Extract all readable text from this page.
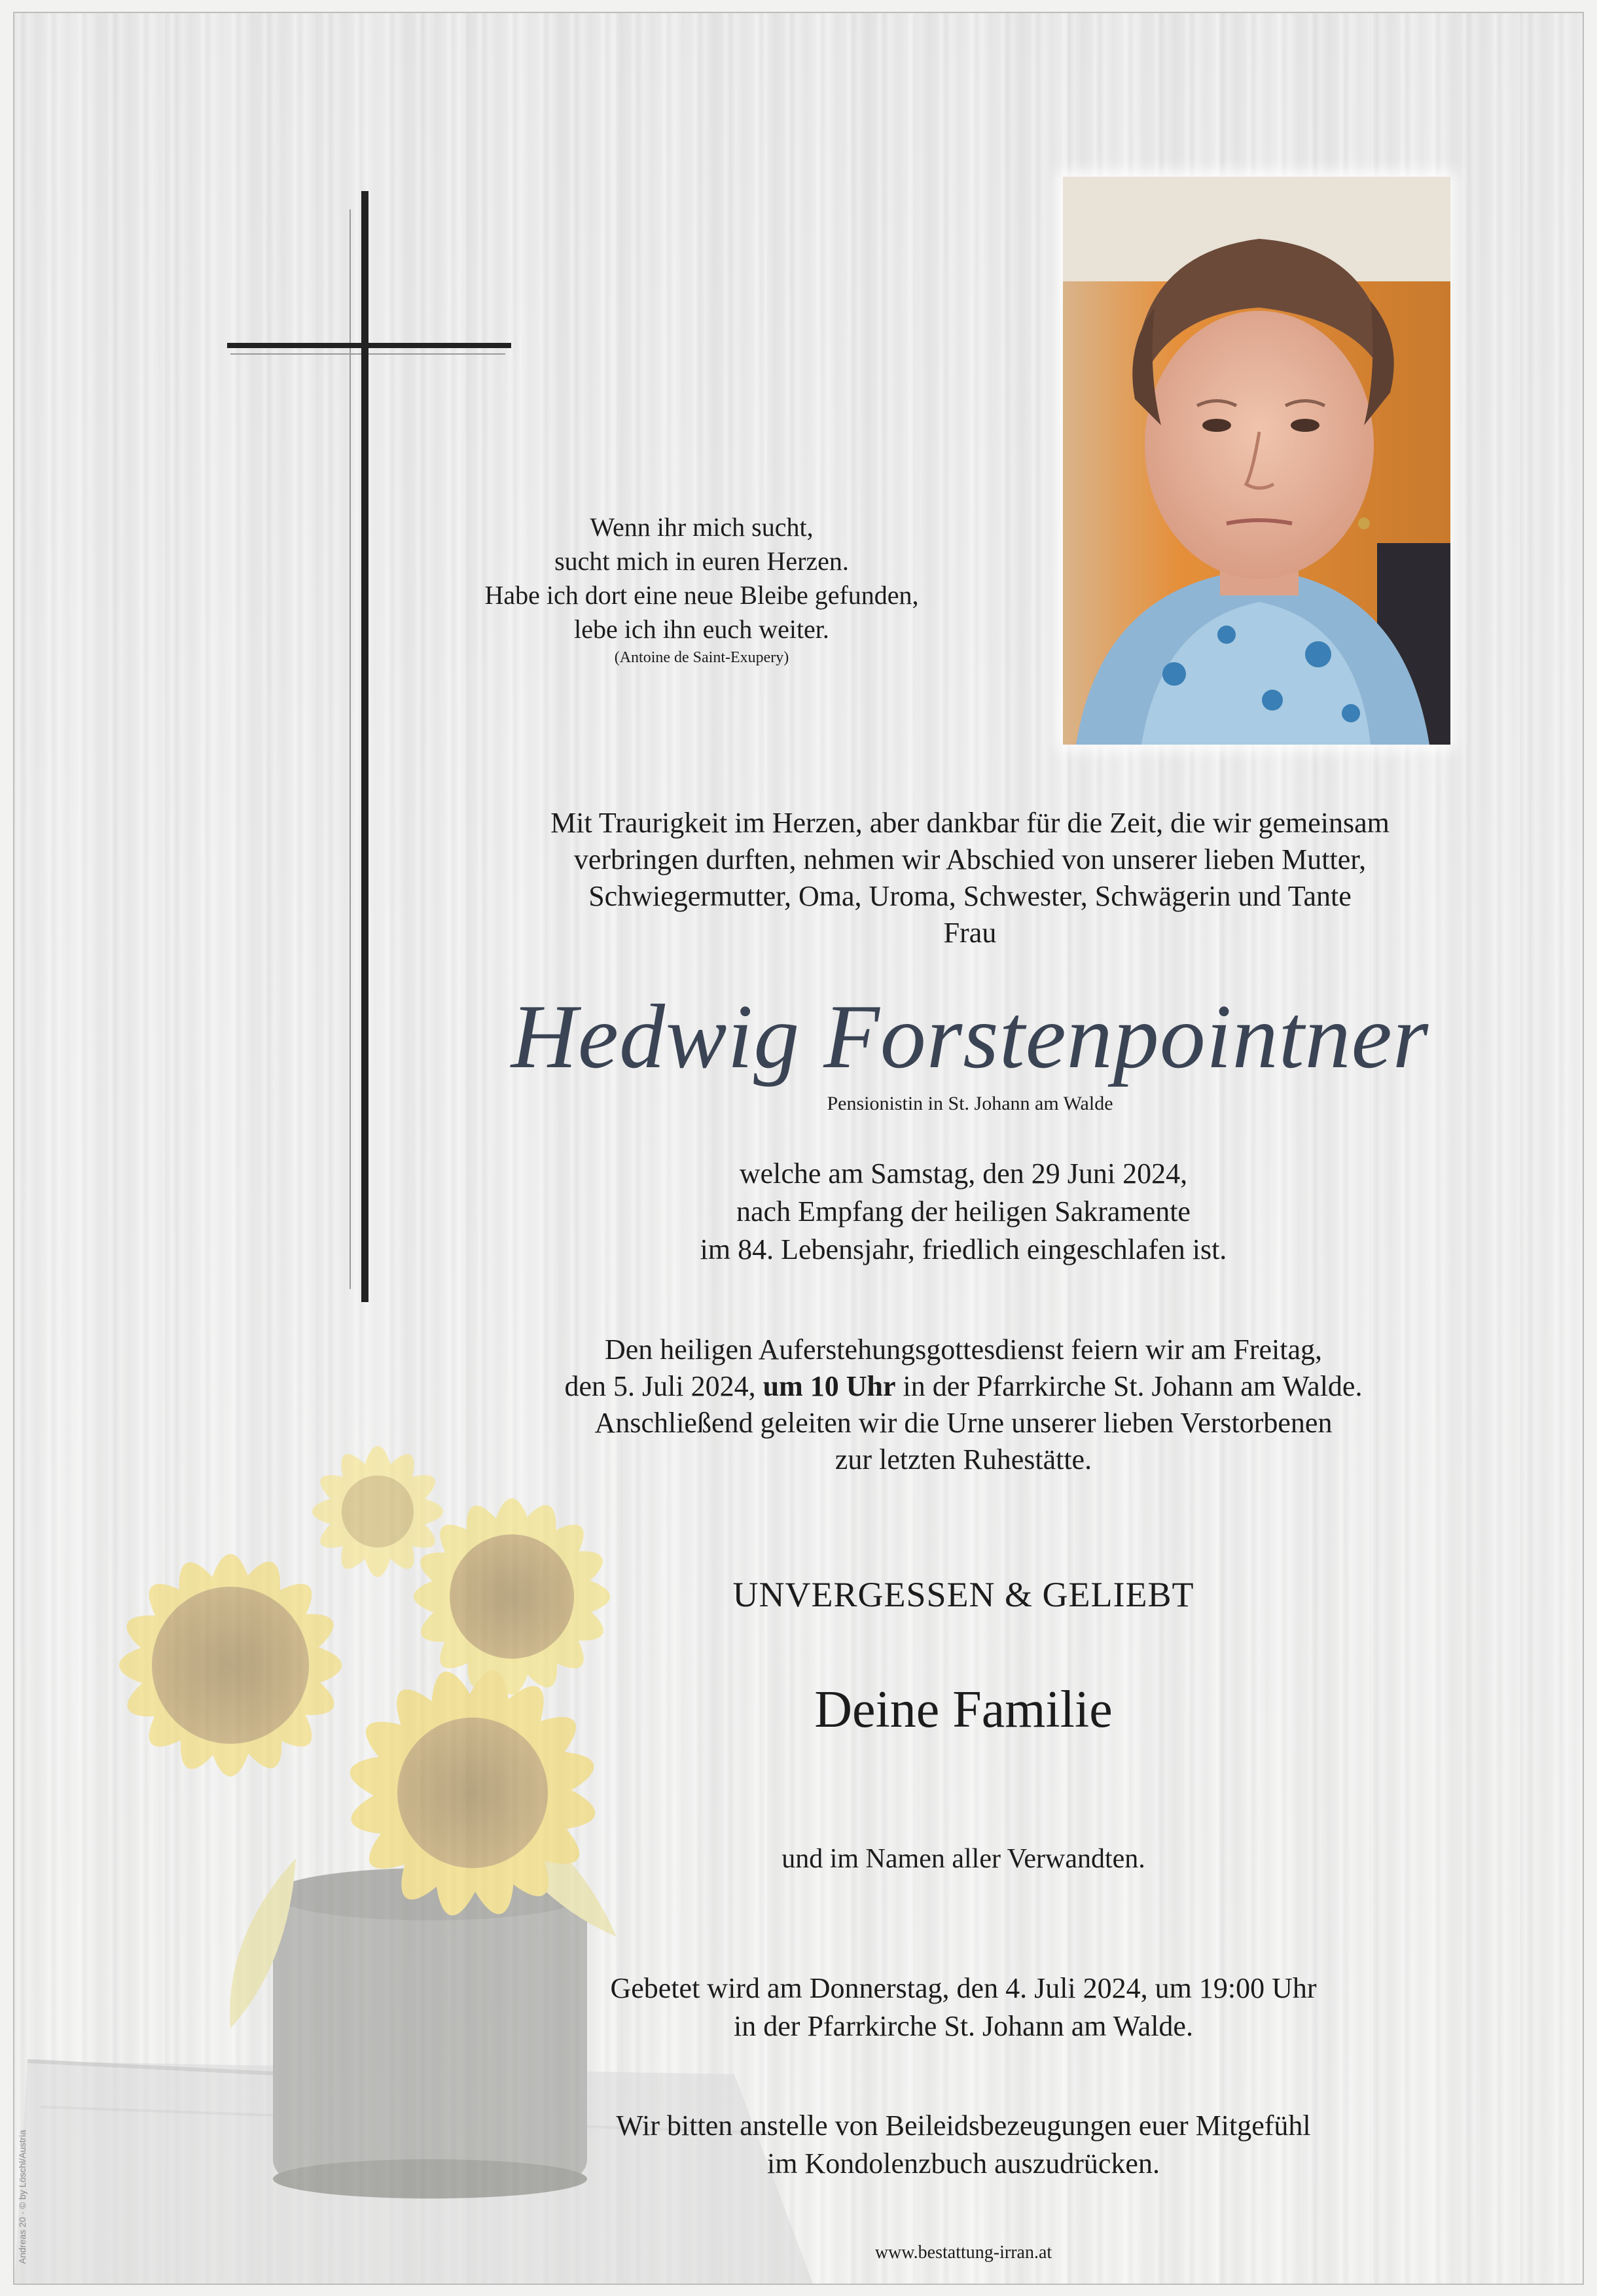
Wenn ihr mich sucht,
sucht mich in euren Herzen.
Habe ich dort eine neue Bleibe gefunden,
lebe ich ihn euch weiter.
(Antoine de Saint-Exupery)
Mit Traurigkeit im Herzen, aber dankbar für die Zeit, die wir gemeinsam
verbringen durften, nehmen wir Abschied von unserer lieben Mutter,
Schwiegermutter, Oma, Uroma, Schwester, Schwägerin und Tante
Frau
Hedwig Forstenpointner
Pensionistin in St. Johann am Walde
welche am Samstag, den 29 Juni 2024,
nach Empfang der heiligen Sakramente
im 84. Lebensjahr, friedlich eingeschlafen ist.
Den heiligen Auferstehungsgottesdienst feiern wir am Freitag,
den 5. Juli 2024, um 10 Uhr in der Pfarrkirche St. Johann am Walde.
Anschließend geleiten wir die Urne unserer lieben Verstorbenen
zur letzten Ruhestätte.
UNVERGESSEN & GELIEBT
Deine Familie
und im Namen aller Verwandten.
Gebetet wird am Donnerstag, den 4. Juli 2024, um 19:00 Uhr
in der Pfarrkirche St. Johann am Walde.
Wir bitten anstelle von Beileidsbezeugungen euer Mitgefühl
im Kondolenzbuch auszudrücken.
www.bestattung-irran.at
Andreas 20 · © by Löschl/Austria
